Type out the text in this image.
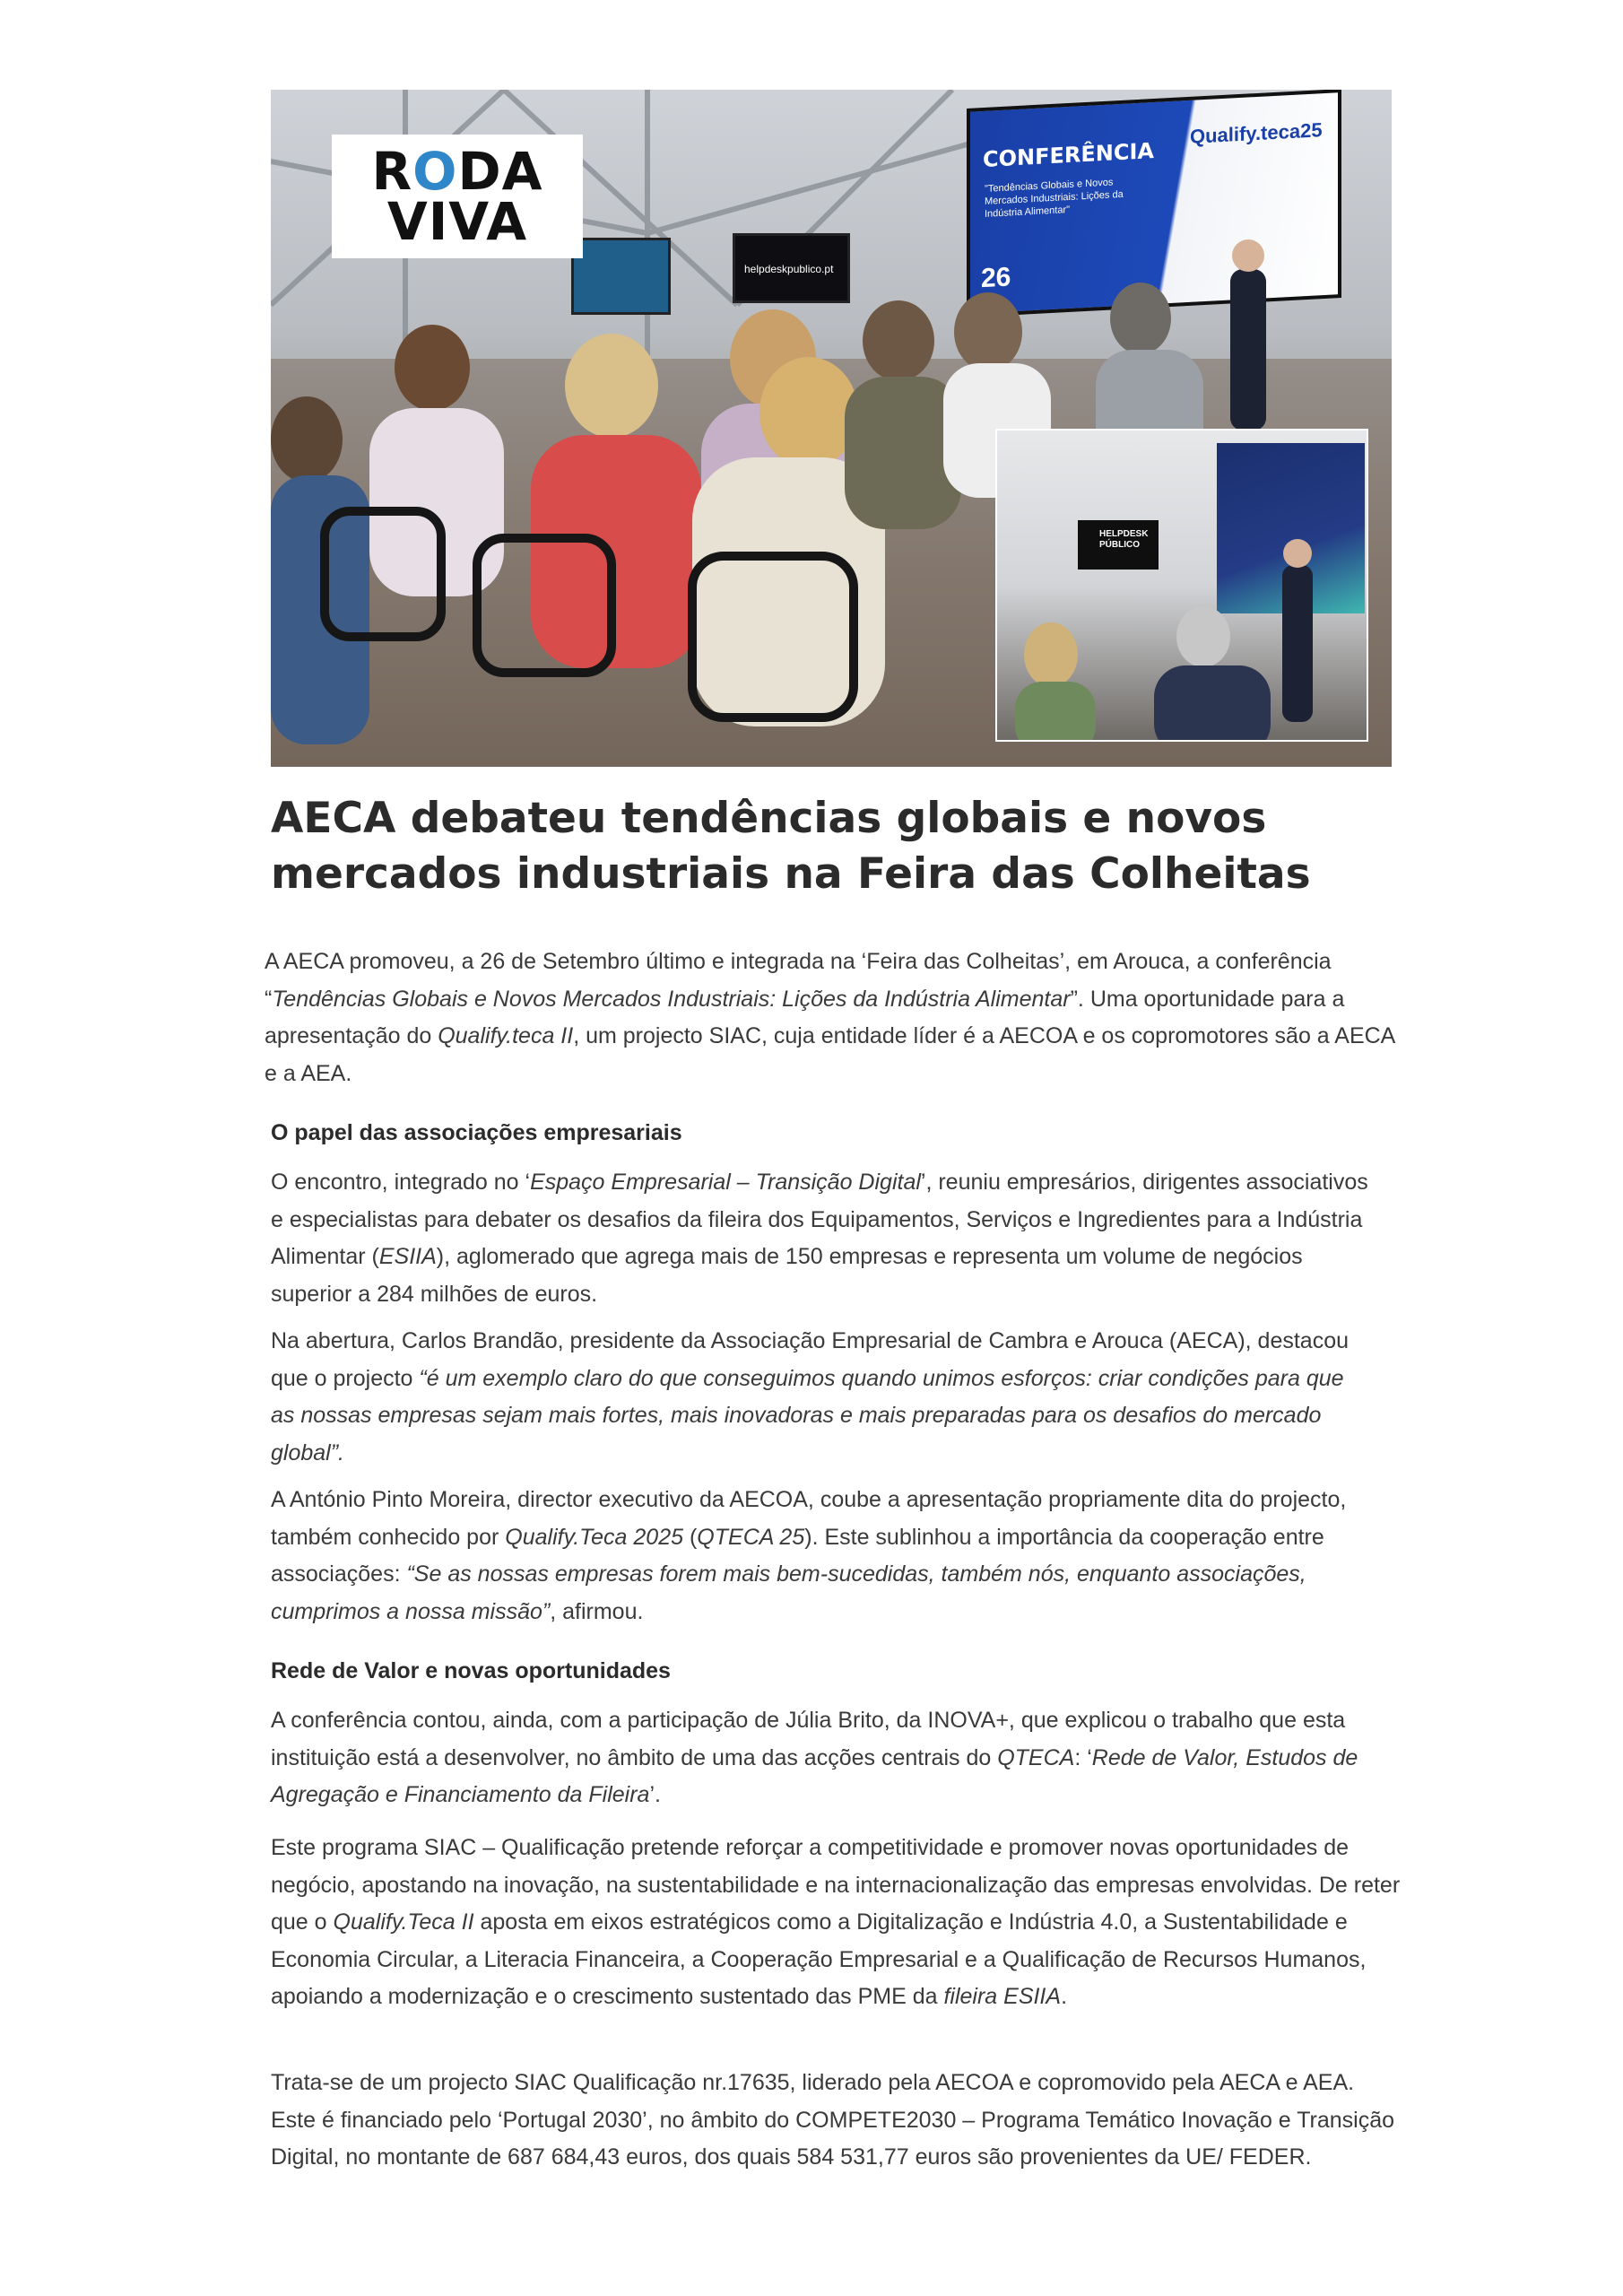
helpdeskpublico.pt
CONFERÊNCIA
"Tendências Globais e Novos Mercados Industriais: Lições da Indústria Alimentar"
26
Qualify.teca25
RODA
VIVA
HELPDESK PÚBLICO
AECA debateu tendências globais e novos mercados industriais na Feira das Colheitas

A AECA promoveu, a 26 de Setembro último e integrada na ‘Feira das Colheitas’, em Arouca, a conferência “Tendências Globais e Novos Mercados Industriais: Lições da Indústria Alimentar”. Uma oportunidade para a apresentação do Qualify.teca II, um projecto SIAC, cuja entidade líder é a AECOA e os copromotores são a AECA e a AEA.

O papel das associações empresariais

O encontro, integrado no ‘Espaço Empresarial – Transição Digital’, reuniu empresários, dirigentes associativos e especialistas para debater os desafios da fileira dos Equipamentos, Serviços e Ingredientes para a Indústria Alimentar (ESIIA), aglomerado que agrega mais de 150 empresas e representa um volume de negócios superior a 284 milhões de euros.

Na abertura, Carlos Brandão, presidente da Associação Empresarial de Cambra e Arouca (AECA), destacou que o projecto “é um exemplo claro do que conseguimos quando unimos esforços: criar condições para que as nossas empresas sejam mais fortes, mais inovadoras e mais preparadas para os desafios do mercado global”.

A António Pinto Moreira, director executivo da AECOA, coube a apresentação propriamente dita do projecto, também conhecido por Qualify.Teca 2025 (QTECA 25). Este sublinhou a importância da cooperação entre associações: “Se as nossas empresas forem mais bem-sucedidas, também nós, enquanto associações, cumprimos a nossa missão”, afirmou.

Rede de Valor e novas oportunidades

A conferência contou, ainda, com a participação de Júlia Brito, da INOVA+, que explicou o trabalho que esta instituição está a desenvolver, no âmbito de uma das acções centrais do QTECA: ‘Rede de Valor, Estudos de Agregação e Financiamento da Fileira’.

Este programa SIAC – Qualificação pretende reforçar a competitividade e promover novas oportunidades de negócio, apostando na inovação, na sustentabilidade e na internacionalização das empresas envolvidas. De reter que o Qualify.Teca II aposta em eixos estratégicos como a Digitalização e Indústria 4.0, a Sustentabilidade e Economia Circular, a Literacia Financeira, a Cooperação Empresarial e a Qualificação de Recursos Humanos, apoiando a modernização e o crescimento sustentado das PME da fileira ESIIA.

Trata-se de um projecto SIAC Qualificação nr.17635, liderado pela AECOA e copromovido pela AECA e AEA. Este é financiado pelo ‘Portugal 2030’, no âmbito do COMPETE2030 – Programa Temático Inovação e Transição Digital, no montante de 687 684,43 euros, dos quais 584 531,77 euros são provenientes da UE/ FEDER.
